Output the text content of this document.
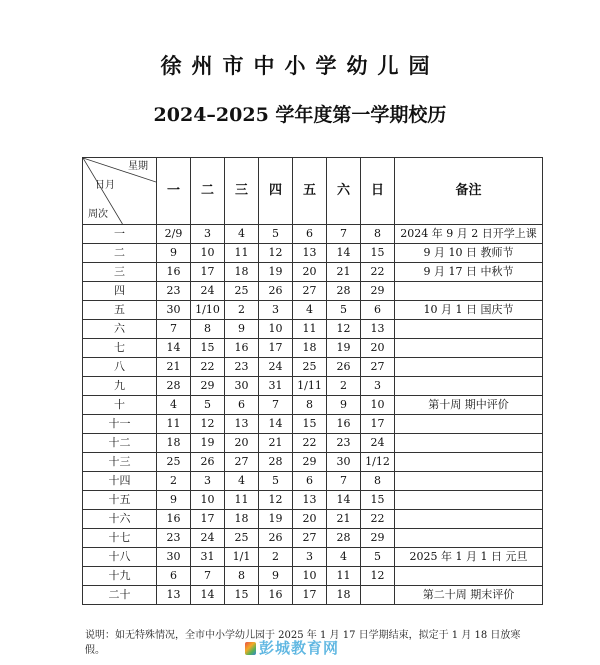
徐州市中小学幼儿园
2024–2025 学年度第一学期校历
星期
日月
周次	一	二	三	四	五	六	日	备注
一	2/9	3	4	5	6	7	8	2024 年 9 月 2 日开学上课
二	9	10	11	12	13	14	15	9 月 10 日 教师节
三	16	17	18	19	20	21	22	9 月 17 日 中秋节
四	23	24	25	26	27	28	29	
五	30	1/10	2	3	4	5	6	10 月 1 日 国庆节
六	7	8	9	10	11	12	13	
七	14	15	16	17	18	19	20	
八	21	22	23	24	25	26	27	
九	28	29	30	31	1/11	2	3	
十	4	5	6	7	8	9	10	第十周 期中评价
十一	11	12	13	14	15	16	17	
十二	18	19	20	21	22	23	24	
十三	25	26	27	28	29	30	1/12	
十四	2	3	4	5	6	7	8	
十五	9	10	11	12	13	14	15	
十六	16	17	18	19	20	21	22	
十七	23	24	25	26	27	28	29	
十八	30	31	1/1	2	3	4	5	2025 年 1 月 1 日 元旦
十九	6	7	8	9	10	11	12	
二十	13	14	15	16	17	18		第二十周 期末评价
说明：如无特殊情况，全市中小学幼儿园于 2025 年 1 月 17 日学期结束，拟定于 1 月 18 日放寒假。	彭城教育网
